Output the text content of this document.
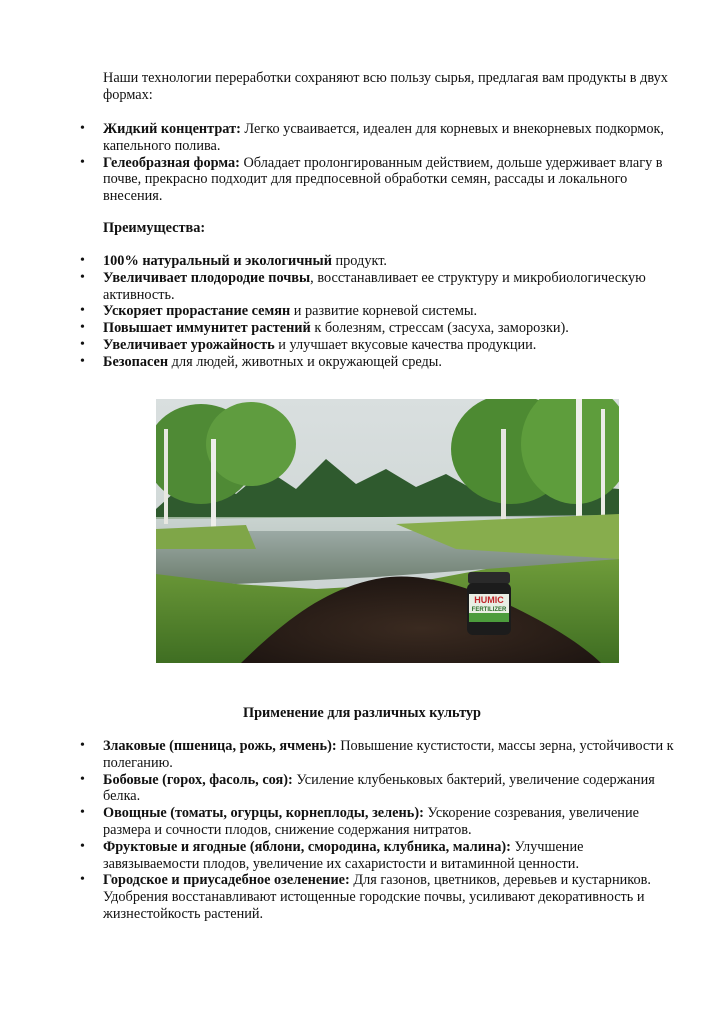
Наши технологии переработки сохраняют всю пользу сырья, предлагая вам продукты в двух формах:

• Жидкий концентрат: Легко усваивается, идеален для корневых и внекорневых подкормок, капельного полива.
• Гелеобразная форма: Обладает пролонгированным действием, дольше удерживает влагу в почве, прекрасно подходит для предпосевной обработки семян, рассады и локального внесения.

Преимущества:

• 100% натуральный и экологичный продукт.
• Увеличивает плодородие почвы, восстанавливает ее структуру и микробиологическую активность.
• Ускоряет прорастание семян и развитие корневой системы.
• Повышает иммунитет растений к болезням, стрессам (засуха, заморозки).
• Увеличивает урожайность и улучшает вкусовые качества продукции.
• Безопасен для людей, животных и окружающей среды.
HUMIC
FERTILIZER

Применение для различных культур

• Злаковые (пшеница, рожь, ячмень): Повышение кустистости, массы зерна, устойчивости к полеганию.
• Бобовые (горох, фасоль, соя): Усиление клубеньковых бактерий, увеличение содержания белка.
• Овощные (томаты, огурцы, корнеплоды, зелень): Ускорение созревания, увеличение размера и сочности плодов, снижение содержания нитратов.
• Фруктовые и ягодные (яблони, смородина, клубника, малина): Улучшение завязываемости плодов, увеличение их сахаристости и витаминной ценности.
• Городское и приусадебное озеленение: Для газонов, цветников, деревьев и кустарников. Удобрения восстанавливают истощенные городские почвы, усиливают декоративность и жизнестойкость растений.
